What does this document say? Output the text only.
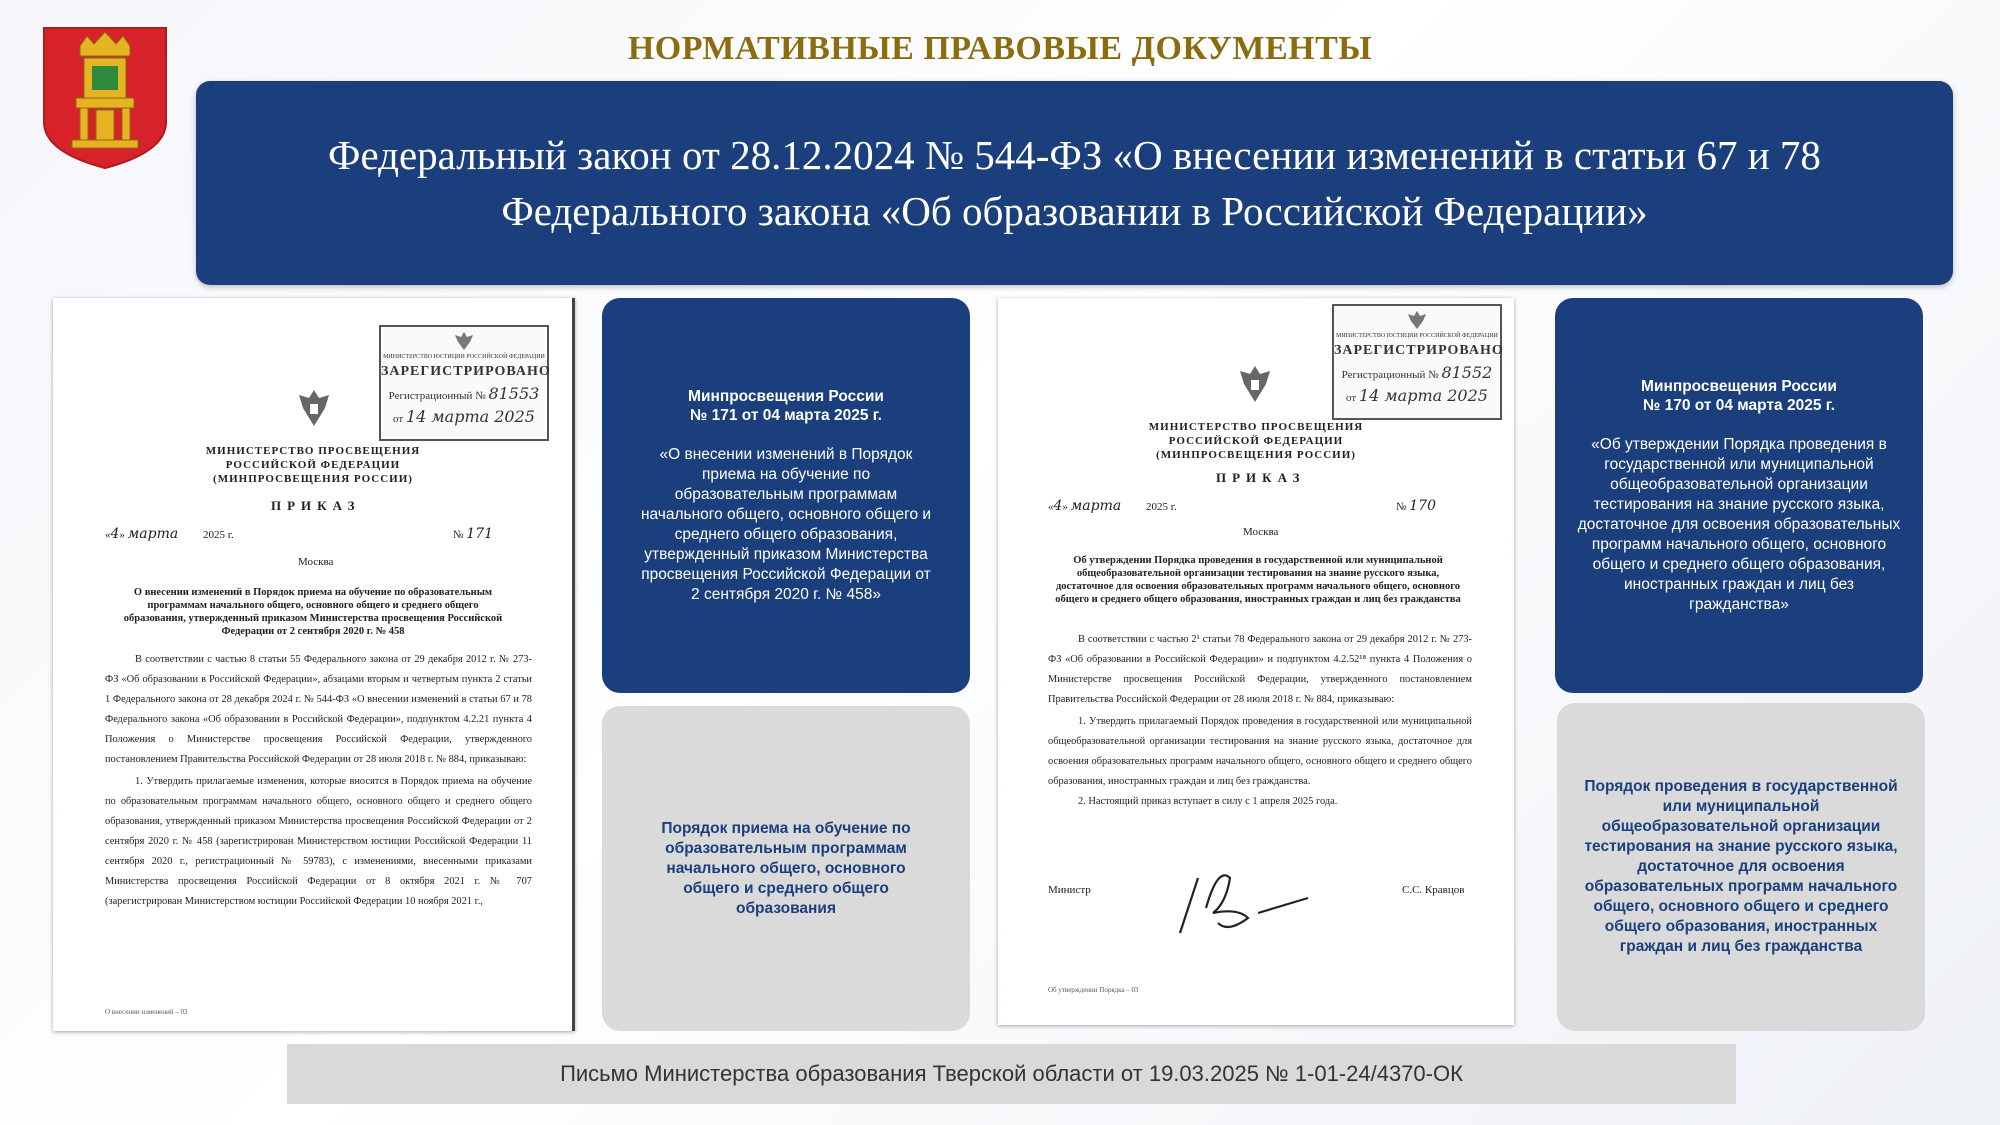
НОРМАТИВНЫЕ ПРАВОВЫЕ ДОКУМЕНТЫ
Федеральный закон от 28.12.2024 № 544-ФЗ «О внесении изменений в статьи 67 и 78 Федерального закона «Об образовании в Российской Федерации»
МИНИСТЕРСТВО ЮСТИЦИИ РОССИЙСКОЙ ФЕДЕРАЦИИ
ЗАРЕГИСТРИРОВАНО
Регистрационный № 81553
от 14 марта 2025
МИНИСТЕРСТВО ПРОСВЕЩЕНИЯ РОССИЙСКОЙ ФЕДЕРАЦИИ (МИНПРОСВЕЩЕНИЯ РОССИИ)
ПРИКАЗ
«4» марта 2025 г.	№ 171
Москва
О внесении изменений в Порядок приема на обучение по образовательным программам начального общего, основного общего и среднего общего образования, утвержденный приказом Министерства просвещения Российской Федерации от 2 сентября 2020 г. № 458
В соответствии с частью 8 статьи 55 Федерального закона от 29 декабря 2012 г. № 273-ФЗ «Об образовании в Российской Федерации», абзацами вторым и четвертым пункта 2 статьи 1 Федерального закона от 28 декабря 2024 г. № 544-ФЗ «О внесении изменений в статьи 67 и 78 Федерального закона «Об образовании в Российской Федерации», подпунктом 4.2.21 пункта 4 Положения о Министерстве просвещения Российской Федерации, утвержденного постановлением Правительства Российской Федерации от 28 июля 2018 г. № 884, приказываю:
1. Утвердить прилагаемые изменения, которые вносятся в Порядок приема на обучение по образовательным программам начального общего, основного общего и среднего общего образования, утвержденный приказом Министерства просвещения Российской Федерации от 2 сентября 2020 г. № 458 (зарегистрирован Министерством юстиции Российской Федерации 11 сентября 2020 г., регистрационный № 59783), с изменениями, внесенными приказами Министерства просвещения Российской Федерации от 8 октября 2021 г. № 707 (зарегистрирован Министерством юстиции Российской Федерации 10 ноября 2021 г.,
О внесении изменений – 03
Минпросвещения России
№ 171 от 04 марта 2025 г.
«О внесении изменений в Порядок приема на обучение по образовательным программам начального общего, основного общего и среднего общего образования, утвержденный приказом Министерства просвещения Российской Федерации от 2 сентября 2020 г. № 458»
Порядок приема на обучение по образовательным программам начального общего, основного общего и среднего общего образования
МИНИСТЕРСТВО ЮСТИЦИИ РОССИЙСКОЙ ФЕДЕРАЦИИ
ЗАРЕГИСТРИРОВАНО
Регистрационный № 81552
от 14 марта 2025
МИНИСТЕРСТВО ПРОСВЕЩЕНИЯ РОССИЙСКОЙ ФЕДЕРАЦИИ (МИНПРОСВЕЩЕНИЯ РОССИИ)
ПРИКАЗ
«4» марта 2025 г.	№ 170
Москва
Об утверждении Порядка проведения в государственной или муниципальной общеобразовательной организации тестирования на знание русского языка, достаточное для освоения образовательных программ начального общего, основного общего и среднего общего образования, иностранных граждан и лиц без гражданства
В соответствии с частью 2¹ статьи 78 Федерального закона от 29 декабря 2012 г. № 273-ФЗ «Об образовании в Российской Федерации» и подпунктом 4.2.52¹⁸ пункта 4 Положения о Министерстве просвещения Российской Федерации, утвержденного постановлением Правительства Российской Федерации от 28 июля 2018 г. № 884, приказываю:
1. Утвердить прилагаемый Порядок проведения в государственной или муниципальной общеобразовательной организации тестирования на знание русского языка, достаточное для освоения образовательных программ начального общего, основного общего и среднего общего образования, иностранных граждан и лиц без гражданства.
2. Настоящий приказ вступает в силу с 1 апреля 2025 года.
Министр	С.С. Кравцов
Об утверждении Порядка – 03
Минпросвещения России
№ 170 от 04 марта 2025 г.
«Об утверждении Порядка проведения в государственной или муниципальной общеобразовательной организации тестирования на знание русского языка, достаточное для освоения образовательных программ начального общего, основного общего и среднего общего образования, иностранных граждан и лиц без гражданства»
Порядок проведения в государственной или муниципальной общеобразовательной организации тестирования на знание русского языка, достаточное для освоения образовательных программ начального общего, основного общего и среднего общего образования, иностранных граждан и лиц без гражданства
Письмо Министерства образования Тверской области от 19.03.2025 № 1-01-24/4370-ОК
